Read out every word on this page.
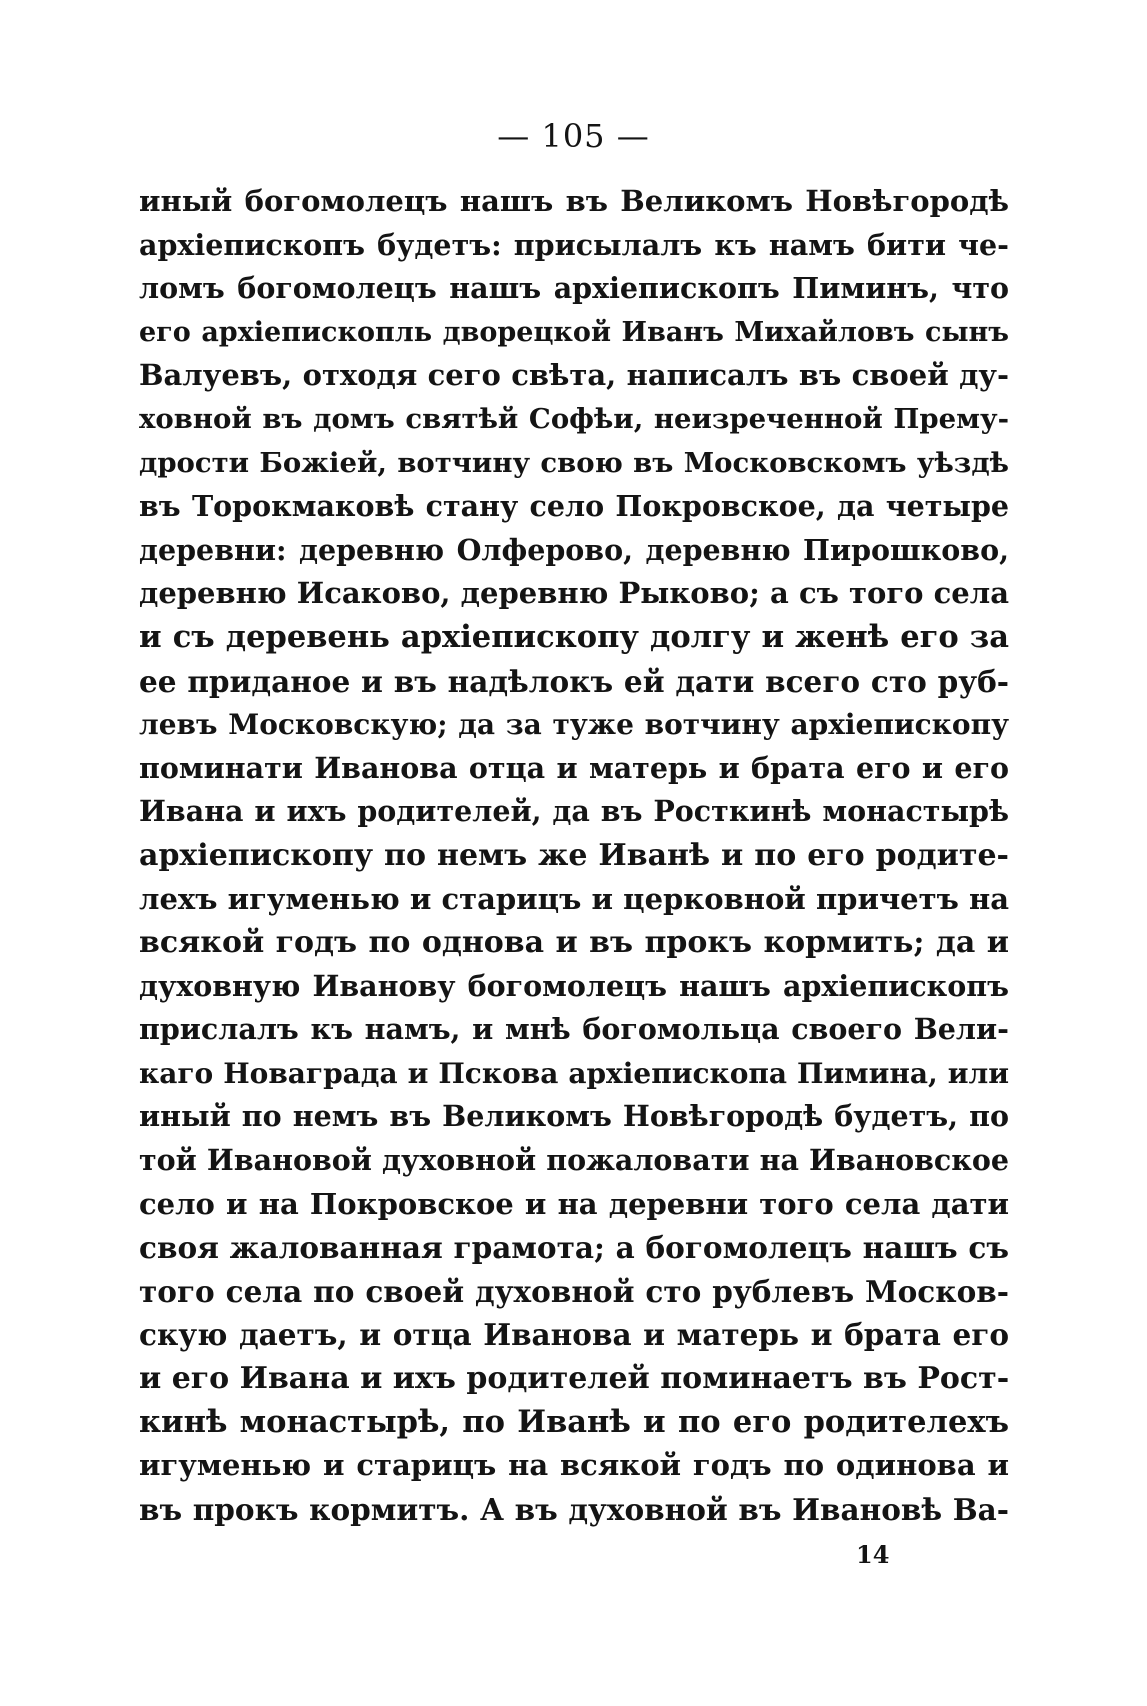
— 105 —
иный богомолецъ нашъ въ Великомъ Новѣгородѣ
архіепископъ будетъ: присылалъ къ намъ бити че-
ломъ богомолецъ нашъ архіепископъ Пиминъ, что
его архіепископль дворецкой Иванъ Михайловъ сынъ
Валуевъ, отходя сего свѣта, написалъ въ своей ду-
ховной въ домъ святѣй Софѣи, неизреченной Прему-
дрости Божіей, вотчину свою въ Московскомъ уѣздѣ
въ Торокмаковѣ стану село Покровское, да четыре
деревни: деревню Олферово, деревню Пирошково,
деревню Исаково, деревню Рыково; а съ того села
и съ деревень архіепископу долгу и женѣ его за
ее приданое и въ надѣлокъ ей дати всего сто руб-
левъ Московскую; да за туже вотчину архіепископу
поминати Иванова отца и матерь и брата его и его
Ивана и ихъ родителей, да въ Росткинѣ монастырѣ
архіепископу по немъ же Иванѣ и по его родите-
лехъ игуменью и старицъ и церковной причетъ на
всякой годъ по однова и въ прокъ кормить; да и
духовную Иванову богомолецъ нашъ архіепископъ
прислалъ къ намъ, и мнѣ богомольца своего Вели-
каго Новаграда и Пскова архіепископа Пимина, или
иный по немъ въ Великомъ Новѣгородѣ будетъ, по
той Ивановой духовной пожаловати на Ивановское
село и на Покровское и на деревни того села дати
своя жалованная грамота; а богомолецъ нашъ съ
того села по своей духовной сто рублевъ Москов-
скую даетъ, и отца Иванова и матерь и брата его
и его Ивана и ихъ родителей поминаетъ въ Рост-
кинѣ монастырѣ, по Иванѣ и по его родителехъ
игуменью и старицъ на всякой годъ по одинова и
въ прокъ кормитъ. А въ духовной въ Ивановѣ Ва-
14
